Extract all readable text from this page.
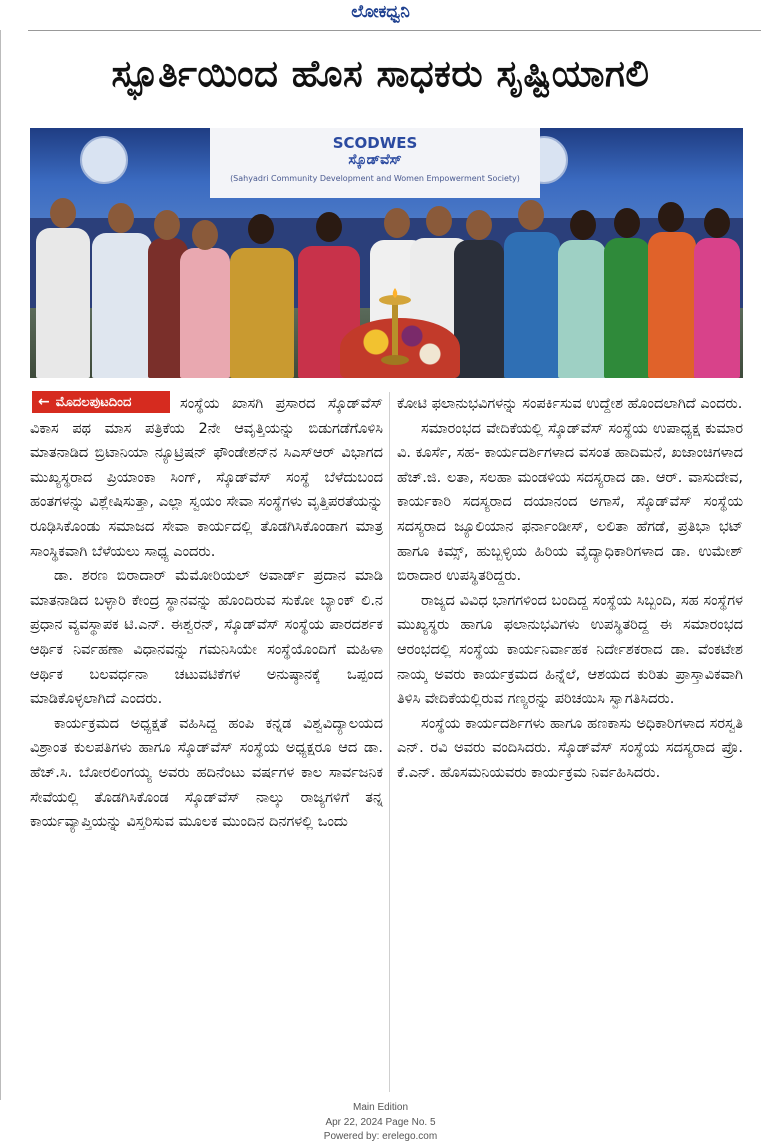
ಲೋಕಧ್ವನಿ
ಸ್ಫೂರ್ತಿಯಿಂದ ಹೊಸ ಸಾಧಕರು ಸೃಷ್ಟಿಯಾಗಲಿ
SCODWES
ಸ್ಕೊಡ್‌ವೆಸ್
(Sahyadri Community Development and Women Empowerment Society)
← ಮೊದಲಪುಟದಿಂದ	ಸಂಸ್ಥೆಯ ಖಾಸಗಿ ಪ್ರಸಾರದ ಸ್ಕೊಡ್‌ವೆಸ್ ವಿಕಾಸ ಪಥ ಮಾಸ ಪತ್ರಿಕೆಯ 2ನೇ ಆವೃತ್ತಿಯನ್ನು ಬಿಡುಗಡೆಗೊಳಿಸಿ ಮಾತನಾಡಿದ ಬ್ರಿಟಾನಿಯಾ ನ್ಯೂಟ್ರಿಷನ್ ಫೌಂಡೇಶನ್‌ನ ಸಿಎಸ್‌ಆರ್ ವಿಭಾಗದ ಮುಖ್ಯಸ್ಥರಾದ ಪ್ರಿಯಾಂಕಾ ಸಿಂಗ್, ಸ್ಕೊಡ್‌ವೆಸ್ ಸಂಸ್ಥೆ ಬೆಳೆದುಬಂದ ಹಂತಗಳನ್ನು ವಿಶ್ಲೇಷಿಸುತ್ತಾ, ಎಲ್ಲಾ ಸ್ವಯಂ ಸೇವಾ ಸಂಸ್ಥೆಗಳು ವೃತ್ತಿಪರತೆಯನ್ನು ರೂಢಿಸಿಕೊಂಡು ಸಮಾಜದ ಸೇವಾ ಕಾರ್ಯದಲ್ಲಿ ತೊಡಗಿಸಿಕೊಂಡಾಗ ಮಾತ್ರ ಸಾಂಸ್ಥಿಕವಾಗಿ ಬೆಳೆಯಲು ಸಾಧ್ಯ ಎಂದರು.

ಡಾ. ಶರಣ ಬಿರಾದಾರ್ ಮೆಮೋರಿಯಲ್ ಅವಾರ್ಡ್ ಪ್ರದಾನ ಮಾಡಿ ಮಾತನಾಡಿದ ಬಳ್ಳಾರಿ ಕೇಂದ್ರ ಸ್ಥಾನವನ್ನು ಹೊಂದಿರುವ ಸುಕೋ ಬ್ಯಾಂಕ್ ಲಿ.ನ ಪ್ರಧಾನ ವ್ಯವಸ್ಥಾಪಕ ಟಿ.ಎನ್. ಈಶ್ವರನ್, ಸ್ಕೊಡ್‌ವೆಸ್ ಸಂಸ್ಥೆಯ ಪಾರದರ್ಶಕ ಆರ್ಥಿಕ ನಿರ್ವಹಣಾ ವಿಧಾನವನ್ನು ಗಮನಿಸಿಯೇ ಸಂಸ್ಥೆಯೊಂದಿಗೆ ಮಹಿಳಾ ಆರ್ಥಿಕ ಬಲವರ್ಧನಾ ಚಟುವಟಿಕೆಗಳ ಅನುಷ್ಠಾನಕ್ಕೆ ಒಪ್ಪಂದ ಮಾಡಿಕೊಳ್ಳಲಾಗಿದೆ ಎಂದರು.

ಕಾರ್ಯಕ್ರಮದ ಅಧ್ಯಕ್ಷತೆ ವಹಿಸಿದ್ದ ಹಂಪಿ ಕನ್ನಡ ವಿಶ್ವವಿದ್ಯಾಲಯದ ವಿಶ್ರಾಂತ ಕುಲಪತಿಗಳು ಹಾಗೂ ಸ್ಕೊಡ್‌ವೆಸ್ ಸಂಸ್ಥೆಯ ಅಧ್ಯಕ್ಷರೂ ಆದ ಡಾ. ಹೆಚ್.ಸಿ. ಬೋರಲಿಂಗಯ್ಯ ಅವರು ಹದಿನೆಂಟು ವರ್ಷಗಳ ಕಾಲ ಸಾರ್ವಜನಿಕ ಸೇವೆಯಲ್ಲಿ ತೊಡಗಿಸಿಕೊಂಡ ಸ್ಕೊಡ್‌ವೆಸ್ ನಾಲ್ಕು ರಾಜ್ಯಗಳಿಗೆ ತನ್ನ ಕಾರ್ಯವ್ಯಾಪ್ತಿಯನ್ನು ವಿಸ್ತರಿಸುವ ಮೂಲಕ ಮುಂದಿನ ದಿನಗಳಲ್ಲಿ ಒಂದು

ಕೋಟಿ ಫಲಾನುಭವಿಗಳನ್ನು ಸಂಪರ್ಕಿಸುವ ಉದ್ದೇಶ ಹೊಂದಲಾಗಿದೆ ಎಂದರು.

ಸಮಾರಂಭದ ವೇದಿಕೆಯಲ್ಲಿ ಸ್ಕೊಡ್‌ವೆಸ್ ಸಂಸ್ಥೆಯ ಉಪಾಧ್ಯಕ್ಷ ಕುಮಾರ ವಿ. ಕೂರ್ಸೆ, ಸಹ- ಕಾರ್ಯದರ್ಶಿಗಳಾದ ವಸಂತ ಹಾದಿಮನೆ, ಖಜಾಂಚಿಗಳಾದ ಹೆಚ್.ಜಿ. ಲತಾ, ಸಲಹಾ ಮಂಡಳಿಯ ಸದಸ್ಯರಾದ ಡಾ. ಆರ್. ವಾಸುದೇವ, ಕಾರ್ಯಕಾರಿ ಸದಸ್ಯರಾದ ದಯಾನಂದ ಅಗಾಸೆ, ಸ್ಕೊಡ್‌ವೆಸ್ ಸಂಸ್ಥೆಯ ಸದಸ್ಯರಾದ ಜ್ಯೂಲಿಯಾನ ಫರ್ನಾಂಡೀಸ್, ಲಲಿತಾ ಹೆಗಡೆ, ಪ್ರತಿಭಾ ಭಟ್ ಹಾಗೂ ಕಿಮ್ಸ್, ಹುಬ್ಬಳ್ಳಿಯ ಹಿರಿಯ ವೈದ್ಯಾಧಿಕಾರಿಗಳಾದ ಡಾ. ಉಮೇಶ್ ಬಿರಾದಾರ ಉಪಸ್ಥಿತರಿದ್ದರು.

ರಾಜ್ಯದ ವಿವಿಧ ಭಾಗಗಳಿಂದ ಬಂದಿದ್ದ ಸಂಸ್ಥೆಯ ಸಿಬ್ಬಂದಿ, ಸಹ ಸಂಸ್ಥೆಗಳ ಮುಖ್ಯಸ್ಥರು ಹಾಗೂ ಫಲಾನುಭವಿಗಳು ಉಪಸ್ಥಿತರಿದ್ದ ಈ ಸಮಾರಂಭದ ಆರಂಭದಲ್ಲಿ ಸಂಸ್ಥೆಯ ಕಾರ್ಯನಿರ್ವಾಹಕ ನಿರ್ದೇಶಕರಾದ ಡಾ. ವೆಂಕಟೇಶ ನಾಯ್ಕ ಅವರು ಕಾರ್ಯಕ್ರಮದ ಹಿನ್ನೆಲೆ, ಆಶಯದ ಕುರಿತು ಪ್ರಾಸ್ತಾವಿಕವಾಗಿ ತಿಳಿಸಿ ವೇದಿಕೆಯಲ್ಲಿರುವ ಗಣ್ಯರನ್ನು ಪರಿಚಯಿಸಿ ಸ್ವಾಗತಿಸಿದರು.

ಸಂಸ್ಥೆಯ ಕಾರ್ಯದರ್ಶಿಗಳು ಹಾಗೂ ಹಣಕಾಸು ಅಧಿಕಾರಿಗಳಾದ ಸರಸ್ವತಿ ಎನ್. ರವಿ ಅವರು ವಂದಿಸಿದರು. ಸ್ಕೊಡ್‌ವೆಸ್ ಸಂಸ್ಥೆಯ ಸದಸ್ಯರಾದ ಪ್ರೊ. ಕೆ.ಎನ್. ಹೊಸಮನಿಯವರು ಕಾರ್ಯಕ್ರಮ ನಿರ್ವಹಿಸಿದರು.

Main Edition
Apr 22, 2024 Page No. 5
Powered by: erelego.com
